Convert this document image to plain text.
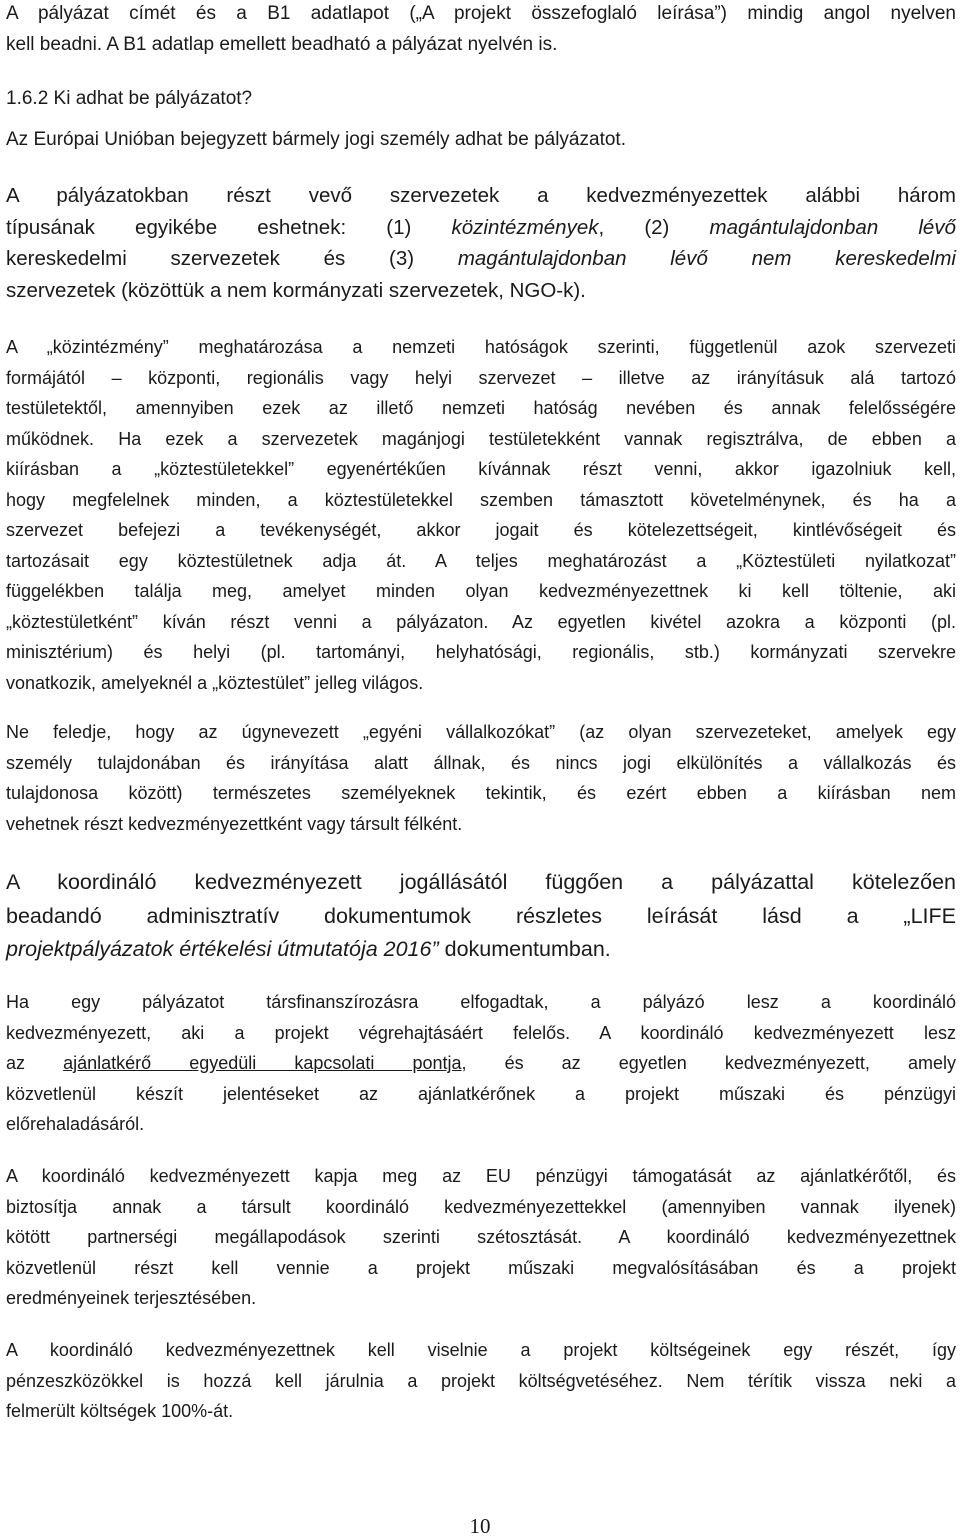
A pályázat címét és a B1 adatlapot („A projekt összefoglaló leírása”) mindig angol nyelven
kell beadni. A B1 adatlap emellett beadható a pályázat nyelvén is.
1.6.2 Ki adhat be pályázatot?
Az Európai Unióban bejegyzett bármely jogi személy adhat be pályázatot.
A pályázatokban részt vevő szervezetek a kedvezményezettek alábbi három
típusának egyikébe eshetnek: (1) közintézmények, (2) magántulajdonban lévő
kereskedelmi szervezetek és (3) magántulajdonban lévő nem kereskedelmi
szervezetek (közöttük a nem kormányzati szervezetek, NGO-k).
A „közintézmény” meghatározása a nemzeti hatóságok szerinti, függetlenül azok szervezeti
formájától – központi, regionális vagy helyi szervezet – illetve az irányításuk alá tartozó
testületektől, amennyiben ezek az illető nemzeti hatóság nevében és annak felelősségére
működnek. Ha ezek a szervezetek magánjogi testületekként vannak regisztrálva, de ebben a
kiírásban a „köztestületekkel” egyenértékűen kívánnak részt venni, akkor igazolniuk kell,
hogy megfelelnek minden, a köztestületekkel szemben támasztott követelménynek, és ha a
szervezet befejezi a tevékenységét, akkor jogait és kötelezettségeit, kintlévőségeit és
tartozásait egy köztestületnek adja át. A teljes meghatározást a „Köztestületi nyilatkozat”
függelékben találja meg, amelyet minden olyan kedvezményezettnek ki kell töltenie, aki
„köztestületként” kíván részt venni a pályázaton. Az egyetlen kivétel azokra a központi (pl.
minisztérium) és helyi (pl. tartományi, helyhatósági, regionális, stb.) kormányzati szervekre
vonatkozik, amelyeknél a „köztestület” jelleg világos.
Ne feledje, hogy az úgynevezett „egyéni vállalkozókat” (az olyan szervezeteket, amelyek egy
személy tulajdonában és irányítása alatt állnak, és nincs jogi elkülönítés a vállalkozás és
tulajdonosa között) természetes személyeknek tekintik, és ezért ebben a kiírásban nem
vehetnek részt kedvezményezettként vagy társult félként.
A koordináló kedvezményezett jogállásától függően a pályázattal kötelezően
beadandó adminisztratív dokumentumok részletes leírását lásd a „LIFE
projektpályázatok értékelési útmutatója 2016” dokumentumban.
Ha egy pályázatot társfinanszírozásra elfogadtak, a pályázó lesz a koordináló
kedvezményezett, aki a projekt végrehajtásáért felelős. A koordináló kedvezményezett lesz
az ajánlatkérő egyedüli kapcsolati pontja, és az egyetlen kedvezményezett, amely
közvetlenül készít jelentéseket az ajánlatkérőnek a projekt műszaki és pénzügyi
előrehaladásáról.
A koordináló kedvezményezett kapja meg az EU pénzügyi támogatását az ajánlatkérőtől, és
biztosítja annak a társult koordináló kedvezményezettekkel (amennyiben vannak ilyenek)
kötött partnerségi megállapodások szerinti szétosztását. A koordináló kedvezményezettnek
közvetlenül részt kell vennie a projekt műszaki megvalósításában és a projekt
eredményeinek terjesztésében.
A koordináló kedvezményezettnek kell viselnie a projekt költségeinek egy részét, így
pénzeszközökkel is hozzá kell járulnia a projekt költségvetéséhez. Nem térítik vissza neki a
felmerült költségek 100%-át.
10
